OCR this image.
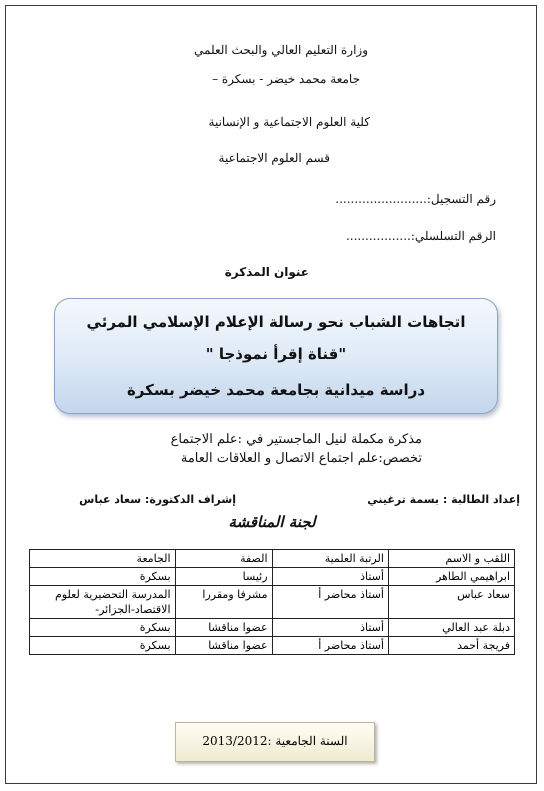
وزارة التعليم العالي والبحث العلمي
جامعة محمد خيضر - بسكرة –
كلية العلوم الاجتماعية و الإنسانية
قسم العلوم الاجتماعية
رقم التسجيل:........................
الرقم التسلسلي:.................
عنوان المذكرة
اتجاهات الشباب نحو رسالة الإعلام الإسلامي المرئي
"قناة إقرأ نموذجا "
دراسة ميدانية بجامعة محمد خيضر بسكرة
مذكرة مكملة لنيل الماجستير في :علم الاجتماع
تخصص:علم اجتماع الاتصال و العلاقات العامة
إعداد الطالبة : بسمة ترغيني
إشراف الدكتورة: سعاد عباس
لجنة المناقشة
اللقب و الاسم	الرتبة العلمية	الصفة	الجامعة
ابراهيمي الطاهر	أستاذ	رئيسا	بسكرة
سعاد عباس	أستاذ محاضر أ	مشرفا ومقررا	المدرسة التحضيرية لعلوم الاقتصاد-الجزائر-
دبلة عبد العالي	أستاذ	عضوا مناقشا	بسكرة
فريجة أحمد	أستاذ محاضر أ	عضوا مناقشا	بسكرة
السنة الجامعية :2013/2012
